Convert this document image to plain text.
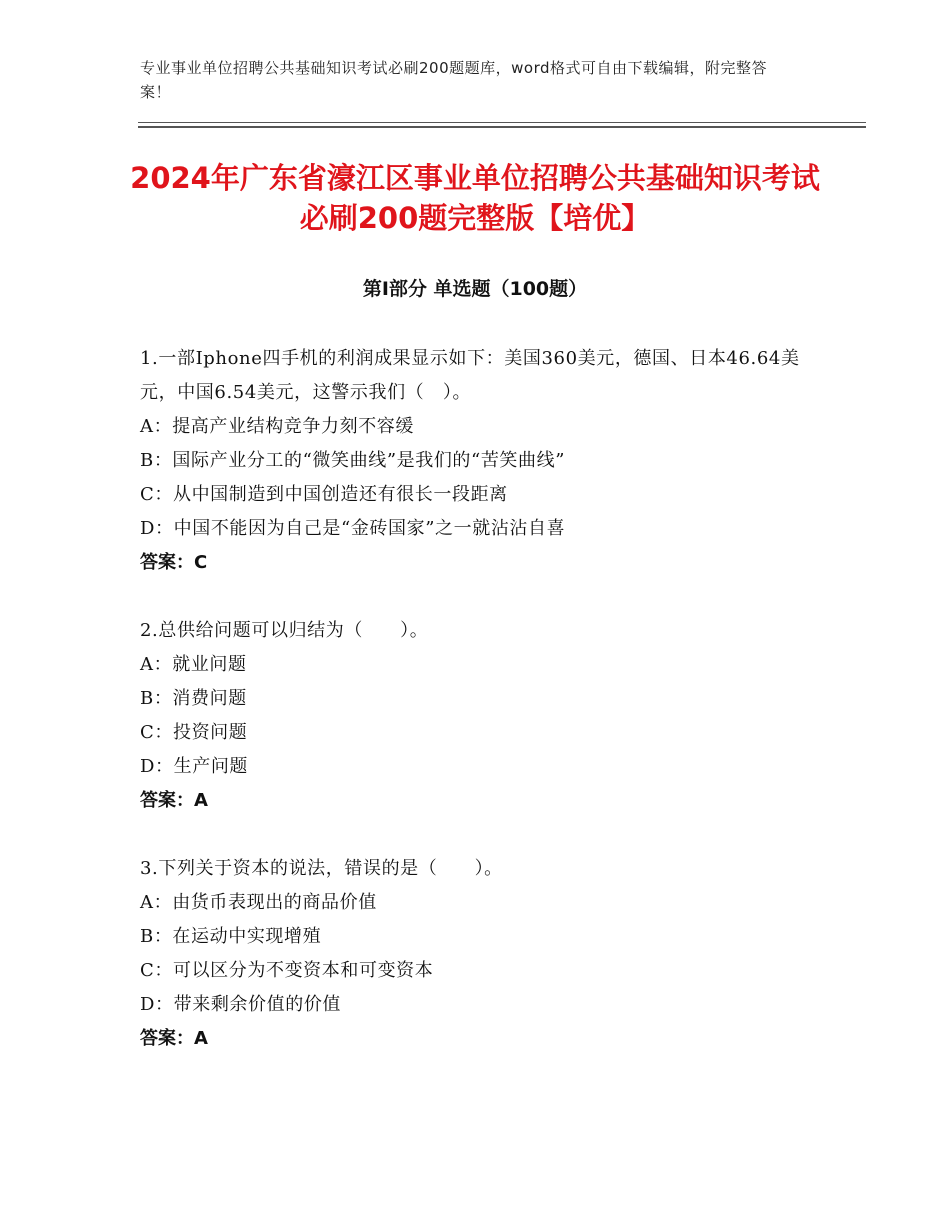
专业事业单位招聘公共基础知识考试必刷200题题库，word格式可自由下载编辑，附完整答案！
2024年广东省濠江区事业单位招聘公共基础知识考试必刷200题完整版【培优】
第Ⅰ部分 单选题（100题）
1.一部Iphone四手机的利润成果显示如下：美国360美元，德国、日本46.64美元，中国6.54美元，这警示我们（　）。
A：提高产业结构竞争力刻不容缓
B：国际产业分工的“微笑曲线”是我们的“苦笑曲线”
C：从中国制造到中国创造还有很长一段距离
D：中国不能因为自己是“金砖国家”之一就沾沾自喜
答案：C
2.总供给问题可以归结为（　　）。
A：就业问题
B：消费问题
C：投资问题
D：生产问题
答案：A
3.下列关于资本的说法，错误的是（　　）。
A：由货币表现出的商品价值
B：在运动中实现增殖
C：可以区分为不变资本和可变资本
D：带来剩余价值的价值
答案：A
